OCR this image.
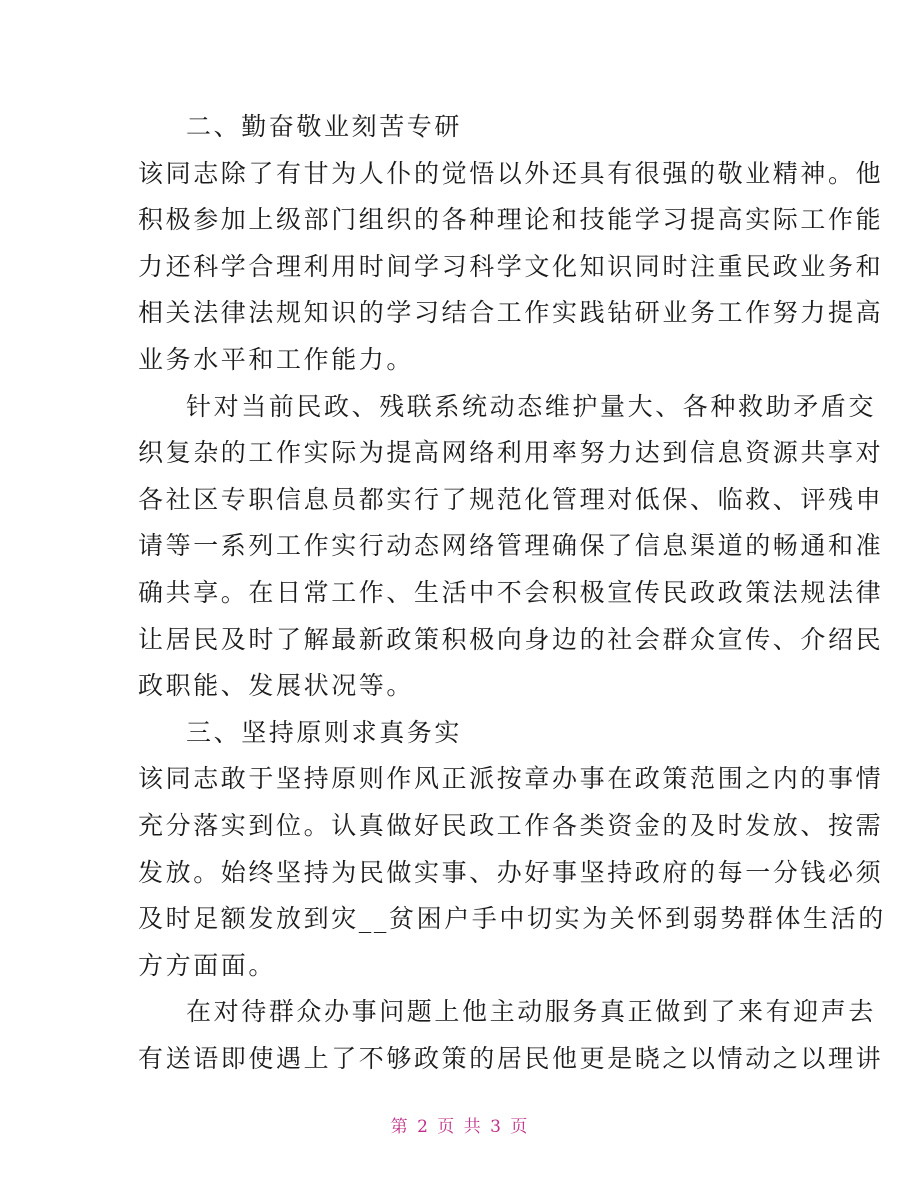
二、勤奋敬业刻苦专研
该同志除了有甘为人仆的觉悟以外还具有很强的敬业精神。他
积极参加上级部门组织的各种理论和技能学习提高实际工作能
力还科学合理利用时间学习科学文化知识同时注重民政业务和
相关法律法规知识的学习结合工作实践钻研业务工作努力提高
业务水平和工作能力。
针对当前民政、残联系统动态维护量大、各种救助矛盾交
织复杂的工作实际为提高网络利用率努力达到信息资源共享对
各社区专职信息员都实行了规范化管理对低保、临救、评残申
请等一系列工作实行动态网络管理确保了信息渠道的畅通和准
确共享。在日常工作、生活中不会积极宣传民政政策法规法律
让居民及时了解最新政策积极向身边的社会群众宣传、介绍民
政职能、发展状况等。
三、坚持原则求真务实
该同志敢于坚持原则作风正派按章办事在政策范围之内的事情
充分落实到位。认真做好民政工作各类资金的及时发放、按需
发放。始终坚持为民做实事、办好事坚持政府的每一分钱必须
及时足额发放到灾__贫困户手中切实为关怀到弱势群体生活的
方方面面。
在对待群众办事问题上他主动服务真正做到了来有迎声去
有送语即使遇上了不够政策的居民他更是晓之以情动之以理讲
第 2 页 共 3 页
